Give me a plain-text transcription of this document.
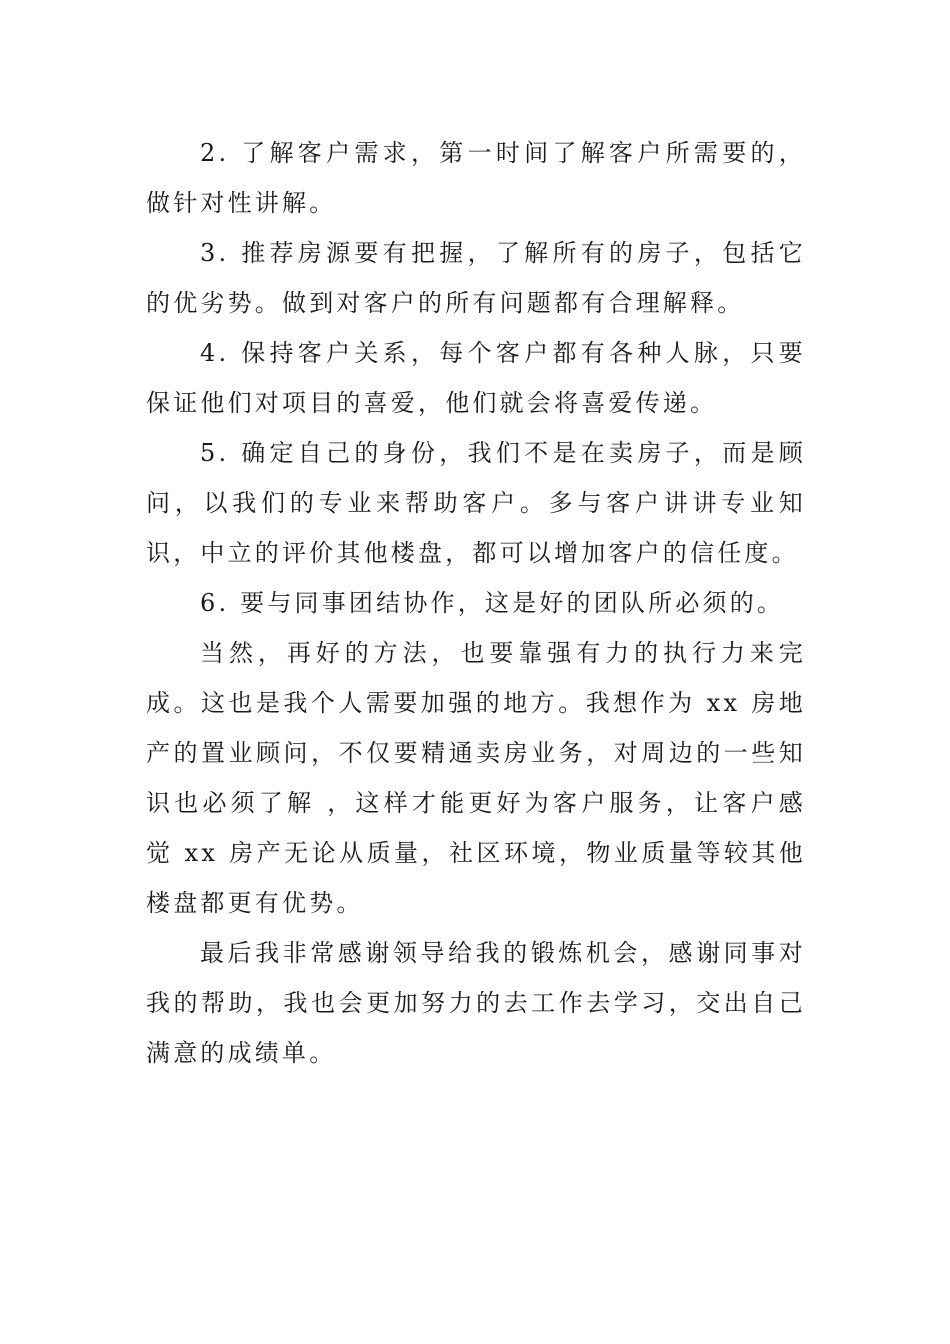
2. 了解客户需求，第一时间了解客户所需要的，做针对性讲解。

3. 推荐房源要有把握，了解所有的房子，包括它的优劣势。做到对客户的所有问题都有合理解释。

4. 保持客户关系，每个客户都有各种人脉，只要保证他们对项目的喜爱，他们就会将喜爱传递。

5. 确定自己的身份，我们不是在卖房子，而是顾问，以我们的专业来帮助客户。多与客户讲讲专业知识，中立的评价其他楼盘，都可以增加客户的信任度。

6. 要与同事团结协作，这是好的团队所必须的。

当然，再好的方法，也要靠强有力的执行力来完成。这也是我个人需要加强的地方。我想作为 xx 房地产的置业顾问，不仅要精通卖房业务，对周边的一些知识也必须了解 ，这样才能更好为客户服务，让客户感觉 xx 房产无论从质量，社区环境，物业质量等较其他楼盘都更有优势。

最后我非常感谢领导给我的锻炼机会，感谢同事对我的帮助，我也会更加努力的去工作去学习，交出自己满意的成绩单。
